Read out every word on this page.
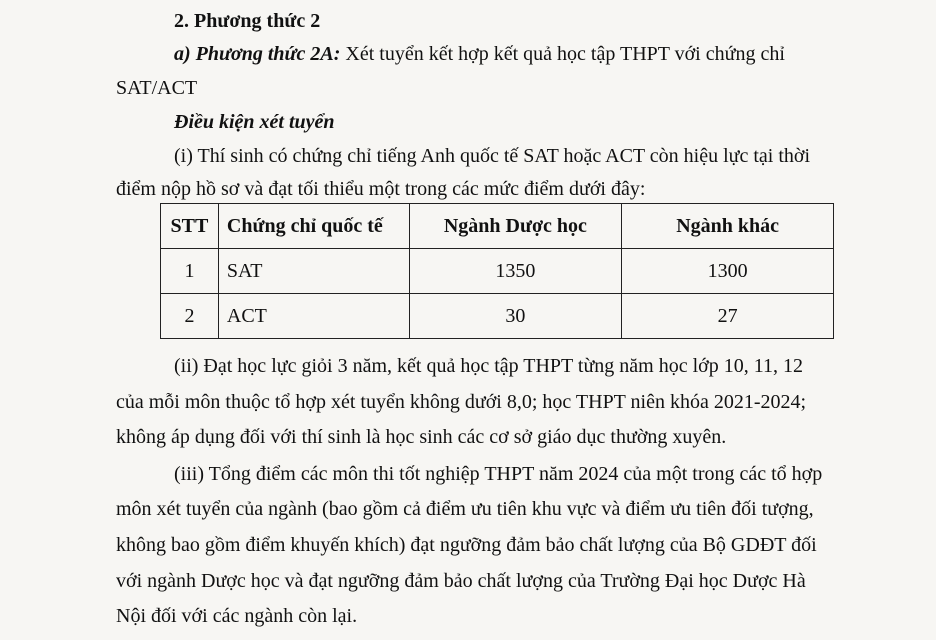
2. Phương thức 2
a) Phương thức 2A: Xét tuyển kết hợp kết quả học tập THPT với chứng chỉ
SAT/ACT
Điều kiện xét tuyển
(i) Thí sinh có chứng chỉ tiếng Anh quốc tế SAT hoặc ACT còn hiệu lực tại thời
điểm nộp hồ sơ và đạt tối thiểu một trong các mức điểm dưới đây:
STT	Chứng chỉ quốc tế	Ngành Dược học	Ngành khác
1	SAT	1350	1300
2	ACT	30	27
(ii) Đạt học lực giỏi 3 năm, kết quả học tập THPT từng năm học lớp 10, 11, 12
của mỗi môn thuộc tổ hợp xét tuyển không dưới 8,0; học THPT niên khóa 2021-2024;
không áp dụng đối với thí sinh là học sinh các cơ sở giáo dục thường xuyên.
(iii) Tổng điểm các môn thi tốt nghiệp THPT năm 2024 của một trong các tổ hợp
môn xét tuyển của ngành (bao gồm cả điểm ưu tiên khu vực và điểm ưu tiên đối tượng,
không bao gồm điểm khuyến khích) đạt ngưỡng đảm bảo chất lượng của Bộ GDĐT đối
với ngành Dược học và đạt ngưỡng đảm bảo chất lượng của Trường Đại học Dược Hà
Nội đối với các ngành còn lại.
